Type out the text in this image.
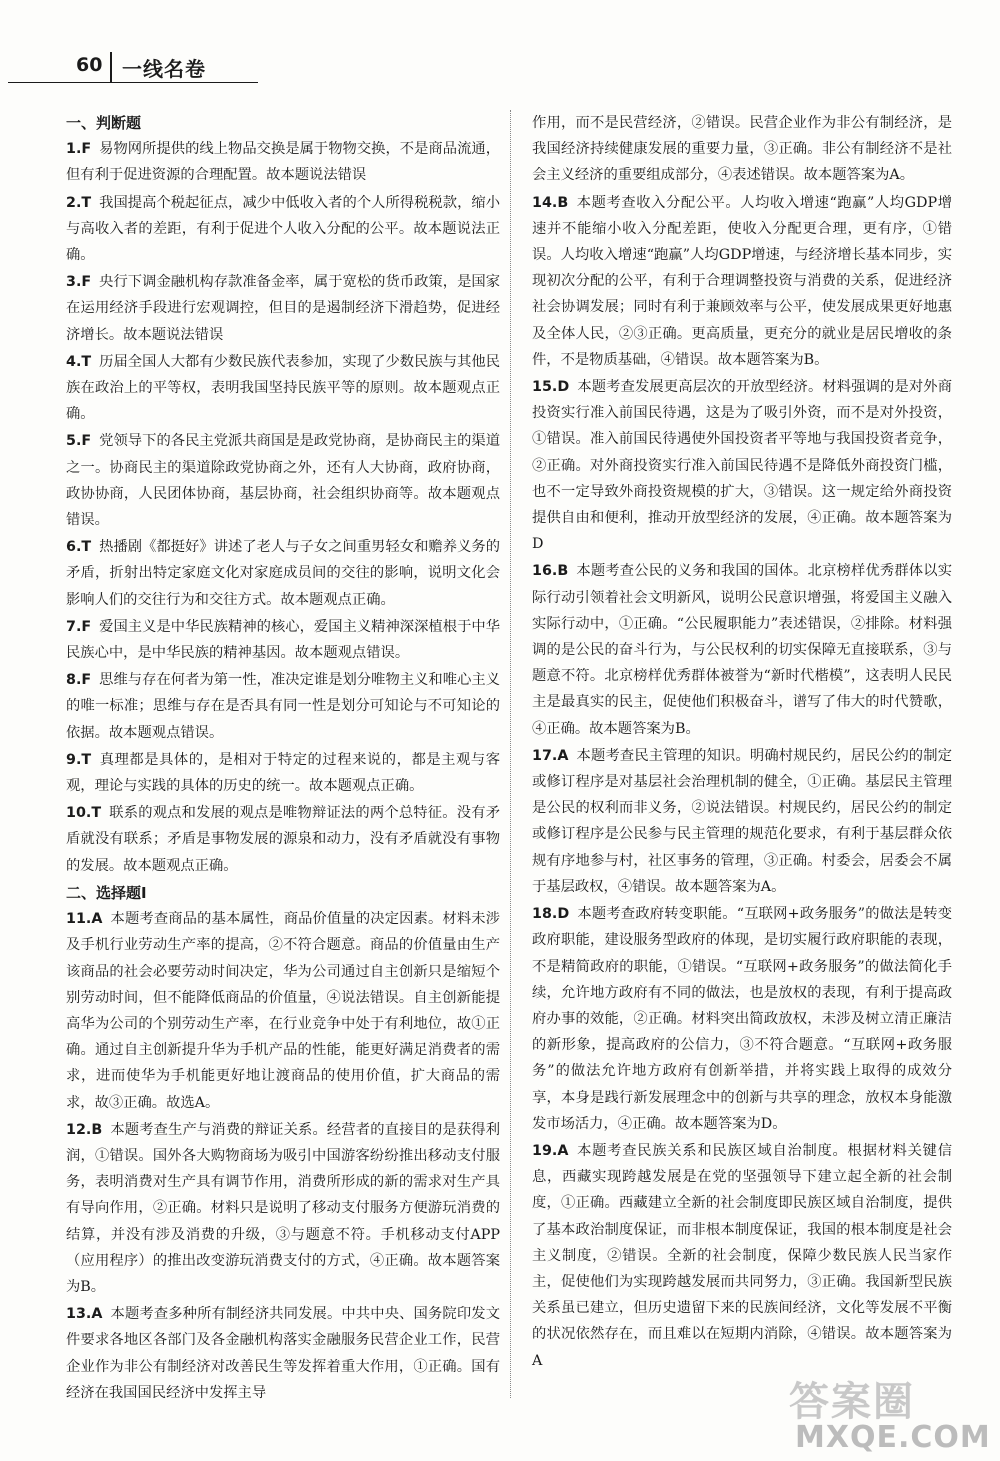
60 一线名卷
一、判断题
1.F 易物网所提供的线上物品交换是属于物物交换，不是商品流通，但有利于促进资源的合理配置。故本题说法错误
2.T 我国提高个税起征点，减少中低收入者的个人所得税税款，缩小与高收入者的差距，有利于促进个人收入分配的公平。故本题说法正确。
3.F 央行下调金融机构存款准备金率，属于宽松的货币政策，是国家在运用经济手段进行宏观调控，但目的是遏制经济下滑趋势，促进经济增长。故本题说法错误
4.T 历届全国人大都有少数民族代表参加，实现了少数民族与其他民族在政治上的平等权，表明我国坚持民族平等的原则。故本题观点正确。
5.F 党领导下的各民主党派共商国是是政党协商，是协商民主的渠道之一。协商民主的渠道除政党协商之外，还有人大协商，政府协商，政协协商，人民团体协商，基层协商，社会组织协商等。故本题观点错误。
6.T 热播剧《都挺好》讲述了老人与子女之间重男轻女和赡养义务的矛盾，折射出特定家庭文化对家庭成员间的交往的影响，说明文化会影响人们的交往行为和交往方式。故本题观点正确。
7.F 爱国主义是中华民族精神的核心，爱国主义精神深深植根于中华民族心中，是中华民族的精神基因。故本题观点错误。
8.F 思维与存在何者为第一性，准决定谁是划分唯物主义和唯心主义的唯一标准；思维与存在是否具有同一性是划分可知论与不可知论的依据。故本题观点错误。
9.T 真理都是具体的，是相对于特定的过程来说的，都是主观与客观，理论与实践的具体的历史的统一。故本题观点正确。
10.T 联系的观点和发展的观点是唯物辩证法的两个总特征。没有矛盾就没有联系；矛盾是事物发展的源泉和动力，没有矛盾就没有事物的发展。故本题观点正确。
二、选择题Ⅰ
11.A 本题考查商品的基本属性，商品价值量的决定因素。材料未涉及手机行业劳动生产率的提高，②不符合题意。商品的价值量由生产该商品的社会必要劳动时间决定，华为公司通过自主创新只是缩短个别劳动时间，但不能降低商品的价值量，④说法错误。自主创新能提高华为公司的个别劳动生产率，在行业竞争中处于有利地位，故①正确。通过自主创新提升华为手机产品的性能，能更好满足消费者的需求，进而使华为手机能更好地让渡商品的使用价值，扩大商品的需求，故③正确。故选A。
12.B 本题考查生产与消费的辩证关系。经营者的直接目的是获得利润，①错误。国外各大购物商场为吸引中国游客纷纷推出移动支付服务，表明消费对生产具有调节作用，消费所形成的新的需求对生产具有导向作用，②正确。材料只是说明了移动支付服务方便游玩消费的结算，并没有涉及消费的升级，③与题意不符。手机移动支付APP（应用程序）的推出改变游玩消费支付的方式，④正确。故本题答案为B。
13.A 本题考查多种所有制经济共同发展。中共中央、国务院印发文件要求各地区各部门及各金融机构落实金融服务民营企业工作，民营企业作为非公有制经济对改善民生等发挥着重大作用，①正确。国有经济在我国国民经济中发挥主导
作用，而不是民营经济，②错误。民营企业作为非公有制经济，是我国经济持续健康发展的重要力量，③正确。非公有制经济不是社会主义经济的重要组成部分，④表述错误。故本题答案为A。
14.B 本题考查收入分配公平。人均收入增速“跑赢”人均GDP增速并不能缩小收入分配差距，使收入分配更合理，更有序，①错误。人均收入增速“跑赢”人均GDP增速，与经济增长基本同步，实现初次分配的公平，有利于合理调整投资与消费的关系，促进经济社会协调发展；同时有利于兼顾效率与公平，使发展成果更好地惠及全体人民，②③正确。更高质量，更充分的就业是居民增收的条件，不是物质基础，④错误。故本题答案为B。
15.D 本题考查发展更高层次的开放型经济。材料强调的是对外商投资实行准入前国民待遇，这是为了吸引外资，而不是对外投资，①错误。准入前国民待遇使外国投资者平等地与我国投资者竞争，②正确。对外商投资实行准入前国民待遇不是降低外商投资门槛，也不一定导致外商投资规模的扩大，③错误。这一规定给外商投资提供自由和便利，推动开放型经济的发展，④正确。故本题答案为D
16.B 本题考查公民的义务和我国的国体。北京榜样优秀群体以实际行动引领着社会文明新风，说明公民意识增强，将爱国主义融入实际行动中，①正确。“公民履职能力”表述错误，②排除。材料强调的是公民的奋斗行为，与公民权利的切实保障无直接联系，③与题意不符。北京榜样优秀群体被誉为“新时代楷模”，这表明人民民主是最真实的民主，促使他们积极奋斗，谱写了伟大的时代赞歌，④正确。故本题答案为B。
17.A 本题考查民主管理的知识。明确村规民约，居民公约的制定或修订程序是对基层社会治理机制的健全，①正确。基层民主管理是公民的权利而非义务，②说法错误。村规民约，居民公约的制定或修订程序是公民参与民主管理的规范化要求，有利于基层群众依规有序地参与村，社区事务的管理，③正确。村委会，居委会不属于基层政权，④错误。故本题答案为A。
18.D 本题考查政府转变职能。“互联网+政务服务”的做法是转变政府职能，建设服务型政府的体现，是切实履行政府职能的表现，不是精简政府的职能，①错误。“互联网+政务服务”的做法简化手续，允许地方政府有不同的做法，也是放权的表现，有利于提高政府办事的效能，②正确。材料突出简政放权，未涉及树立清正廉洁的新形象，提高政府的公信力，③不符合题意。“互联网+政务服务”的做法允许地方政府有创新举措，并将实践上取得的成效分享，本身是践行新发展理念中的创新与共享的理念，放权本身能激发市场活力，④正确。故本题答案为D。
19.A 本题考查民族关系和民族区域自治制度。根据材料关键信息，西藏实现跨越发展是在党的坚强领导下建立起全新的社会制度，①正确。西藏建立全新的社会制度即民族区域自治制度，提供了基本政治制度保证，而非根本制度保证，我国的根本制度是社会主义制度，②错误。全新的社会制度，保障少数民族人民当家作主，促使他们为实现跨越发展而共同努力，③正确。我国新型民族关系虽已建立，但历史遗留下来的民族间经济，文化等发展不平衡的状况依然存在，而且难以在短期内消除，④错误。故本题答案为A
答案圈
MXQE.COM
